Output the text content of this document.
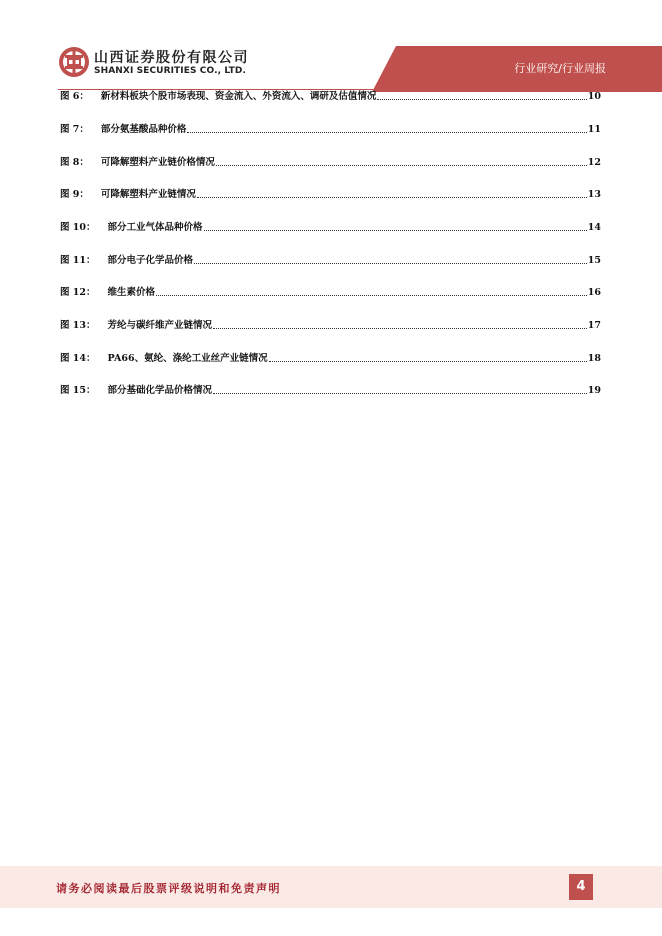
行业研究/行业周报
山西证券股份有限公司
SHANXI SECURITIES CO., LTD.
图 6： 新材料板块个股市场表现、资金流入、外资流入、调研及估值情况	10
图 7： 部分氨基酸品种价格	11
图 8： 可降解塑料产业链价格情况	12
图 9： 可降解塑料产业链情况	13
图 10： 部分工业气体品种价格	14
图 11： 部分电子化学品价格	15
图 12： 维生素价格	16
图 13： 芳纶与碳纤维产业链情况	17
图 14： PA66、氨纶、涤纶工业丝产业链情况	18
图 15： 部分基础化学品价格情况	19
请务必阅读最后股票评级说明和免责声明	4
